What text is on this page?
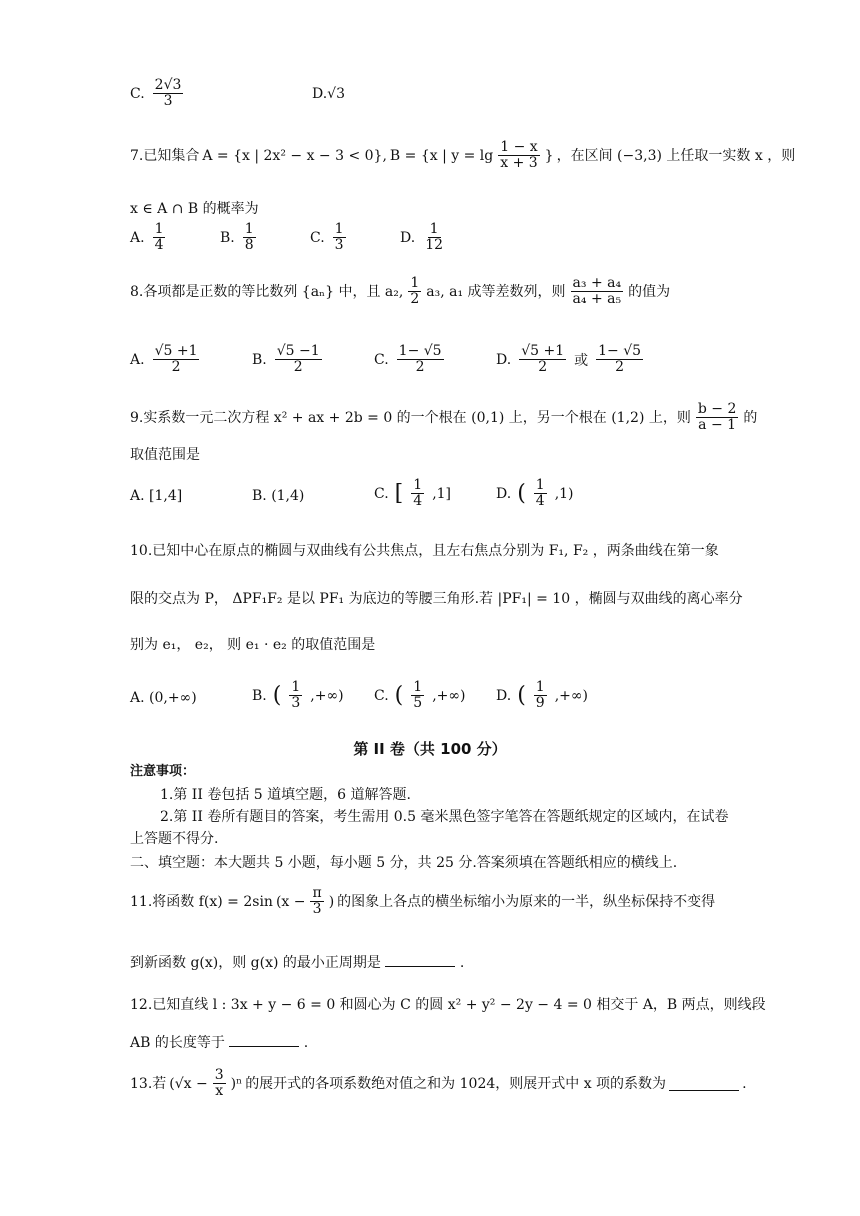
C. $\frac{2√3}{3}$	D.√3
7.已知集合 A = {x | 2x² − x − 3 < 0}, B = {x | $y = \lg \frac{1 - x}{x + 3}$ } ，在区间 (−3,3) 上任取一实数 x ，则
x ∈ A ∩ B 的概率为
A. $\frac{1}{4}$	B. $\frac{1}{8}$	C. $\frac{1}{3}$	D. $\frac{1}{12}$
8.各项都是正数的等比数列 {aₙ} 中，且 a₂, $\frac{1}{2} a_3$, a₁ 成等差数列，则 $\frac{\text{a₃ + a₄}}{\text{a₄ + a₅}}$ 的值为
A. $\frac{√5 +1}{2}$	B. $\frac{√5 -1}{2}$	C. $\frac{1- √5}{2}$	D. $\frac{√5 +1}{2}$ 或 $\frac{1- √5}{2}$
9.实系数一元二次方程 x² + ax + 2b = 0 的一个根在 (0,1) 上，另一个根在 (1,2) 上，则 $\frac{b - 2}{a - 1}$ 的
取值范围是
A. [1,4]	B. (1,4)	C. [ $\frac{1}{4} ,1$]	D. ( $\frac{1}{4} ,1$)
10.已知中心在原点的椭圆与双曲线有公共焦点，且左右焦点分别为 F₁, F₂ ，两条曲线在第一象
限的交点为 P， ΔPF₁F₂ 是以 PF₁ 为底边的等腰三角形.若 |PF₁| = 10 ，椭圆与双曲线的离心率分
别为 e₁， e₂， 则 e₁ · e₂ 的取值范围是
A. (0,+∞)	B. ( $\frac{1}{3}$ ,+∞) C. ( $\frac{1}{5}$ ,+∞) D. ( $\frac{1}{9}$ ,+∞)
第 II 卷（共 100 分）
注意事项：
1.第 II 卷包括 5 道填空题，6 道解答题.
2.第 II 卷所有题目的答案，考生需用 0.5 毫米黑色签字笔答在答题纸规定的区域内，在试卷
上答题不得分.
二、填空题：本大题共 5 小题，每小题 5 分，共 25 分.答案须填在答题纸相应的横线上.
11.将函数 f(x) = 2sin ($x - \frac{\pi}{3}$ ) 的图象上各点的横坐标缩小为原来的一半，纵坐标保持不变得
到新函数 g(x)，则 g(x) 的最小正周期是	.
12.已知直线 l : 3x + y − 6 = 0 和圆心为 C 的圆 x² + y² − 2y − 4 = 0 相交于 A，B 两点，则线段
AB 的长度等于	.
13.若 $(√x - \frac{3}{x} )^n$ 的展开式的各项系数绝对值之和为 1024，则展开式中 x 项的系数为	.
